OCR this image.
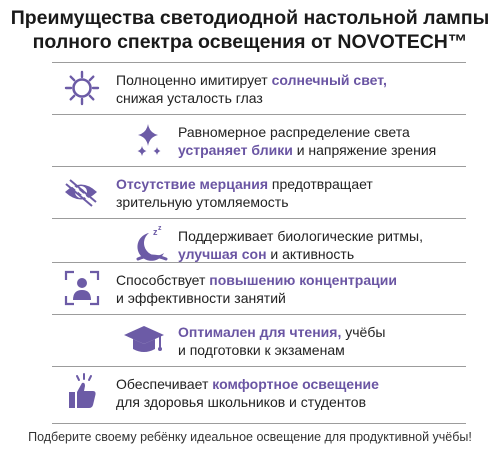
Преимущества светодиодной настольной лампы
полного спектра освещения от NOVOTECH™
Полноценно имитирует солнечный свет,
снижая усталость глаз
Равномерное распределение света
устраняет блики и напряжение зрения
Отсутствие мерцания предотвращает
зрительную утомляемость
z z Поддерживает биологические ритмы,
улучшая сон и активность
Способствует повышению концентрации
и эффективности занятий
Оптимален для чтения, учёбы
и подготовки к экзаменам
Обеспечивает комфортное освещение
для здоровья школьников и студентов
Подберите своему ребёнку идеальное освещение для продуктивной учёбы!
